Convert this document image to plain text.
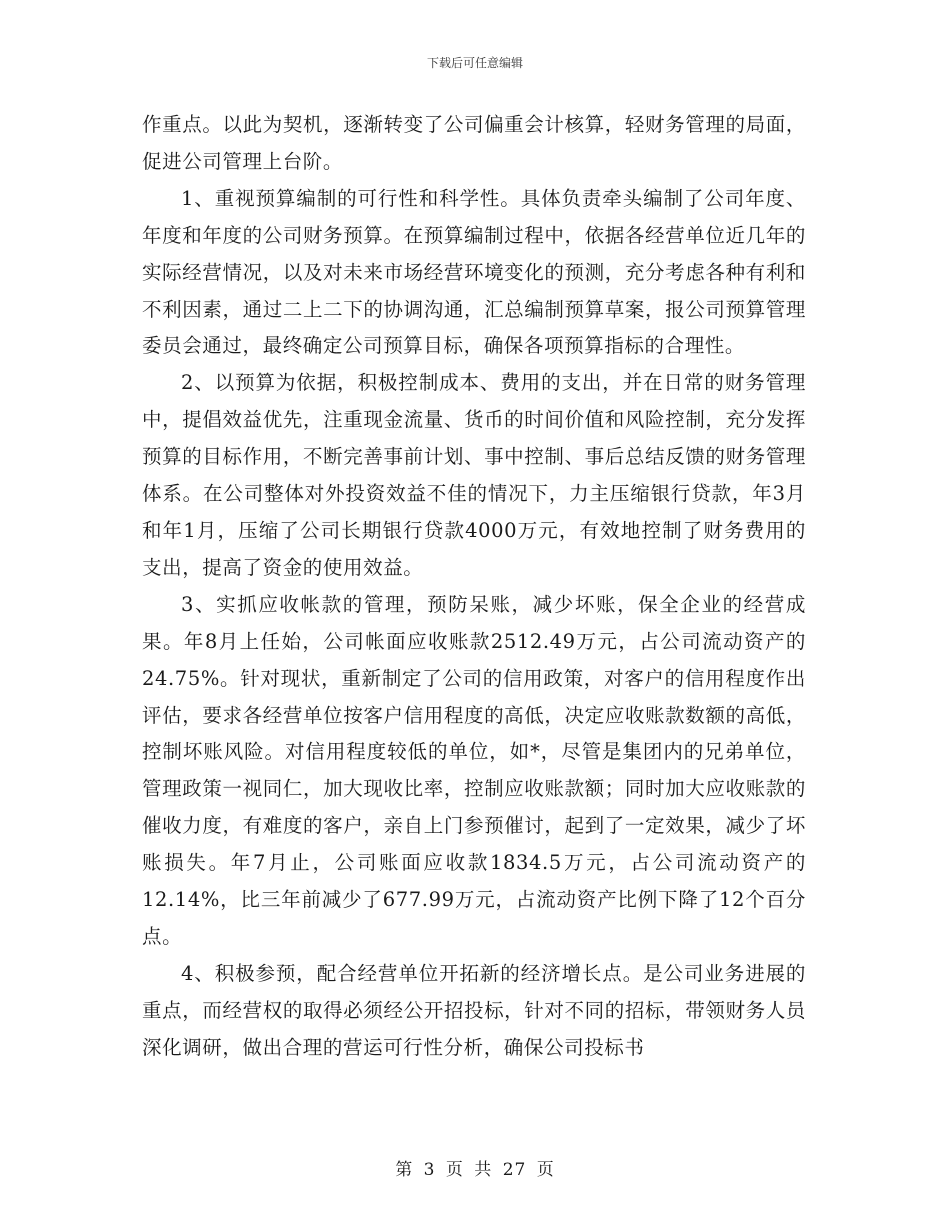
下载后可任意编辑

作重点。以此为契机，逐渐转变了公司偏重会计核算，轻财务管理的局面，促进公司管理上台阶。

1、重视预算编制的可行性和科学性。具体负责牵头编制了公司年度、年度和年度的公司财务预算。在预算编制过程中，依据各经营单位近几年的实际经营情况，以及对未来市场经营环境变化的预测，充分考虑各种有利和不利因素，通过二上二下的协调沟通，汇总编制预算草案，报公司预算管理委员会通过，最终确定公司预算目标，确保各项预算指标的合理性。

2、以预算为依据，积极控制成本、费用的支出，并在日常的财务管理中，提倡效益优先，注重现金流量、货币的时间价值和风险控制，充分发挥预算的目标作用，不断完善事前计划、事中控制、事后总结反馈的财务管理体系。在公司整体对外投资效益不佳的情况下，力主压缩银行贷款，年3月和年1月，压缩了公司长期银行贷款4000万元，有效地控制了财务费用的支出，提高了资金的使用效益。

3、实抓应收帐款的管理，预防呆账，减少坏账，保全企业的经营成果。年8月上任始，公司帐面应收账款2512.49万元，占公司流动资产的24.75%。针对现状，重新制定了公司的信用政策，对客户的信用程度作出评估，要求各经营单位按客户信用程度的高低，决定应收账款数额的高低，控制坏账风险。对信用程度较低的单位，如*，尽管是集团内的兄弟单位，管理政策一视同仁，加大现收比率，控制应收账款额；同时加大应收账款的催收力度，有难度的客户，亲自上门参预催讨，起到了一定效果，减少了坏账损失。年7月止，公司账面应收款1834.5万元，占公司流动资产的12.14%，比三年前减少了677.99万元，占流动资产比例下降了12个百分点。

4、积极参预，配合经营单位开拓新的经济增长点。是公司业务进展的重点，而经营权的取得必须经公开招投标，针对不同的招标，带领财务人员深化调研，做出合理的营运可行性分析，确保公司投标书

第 3 页 共 27 页
